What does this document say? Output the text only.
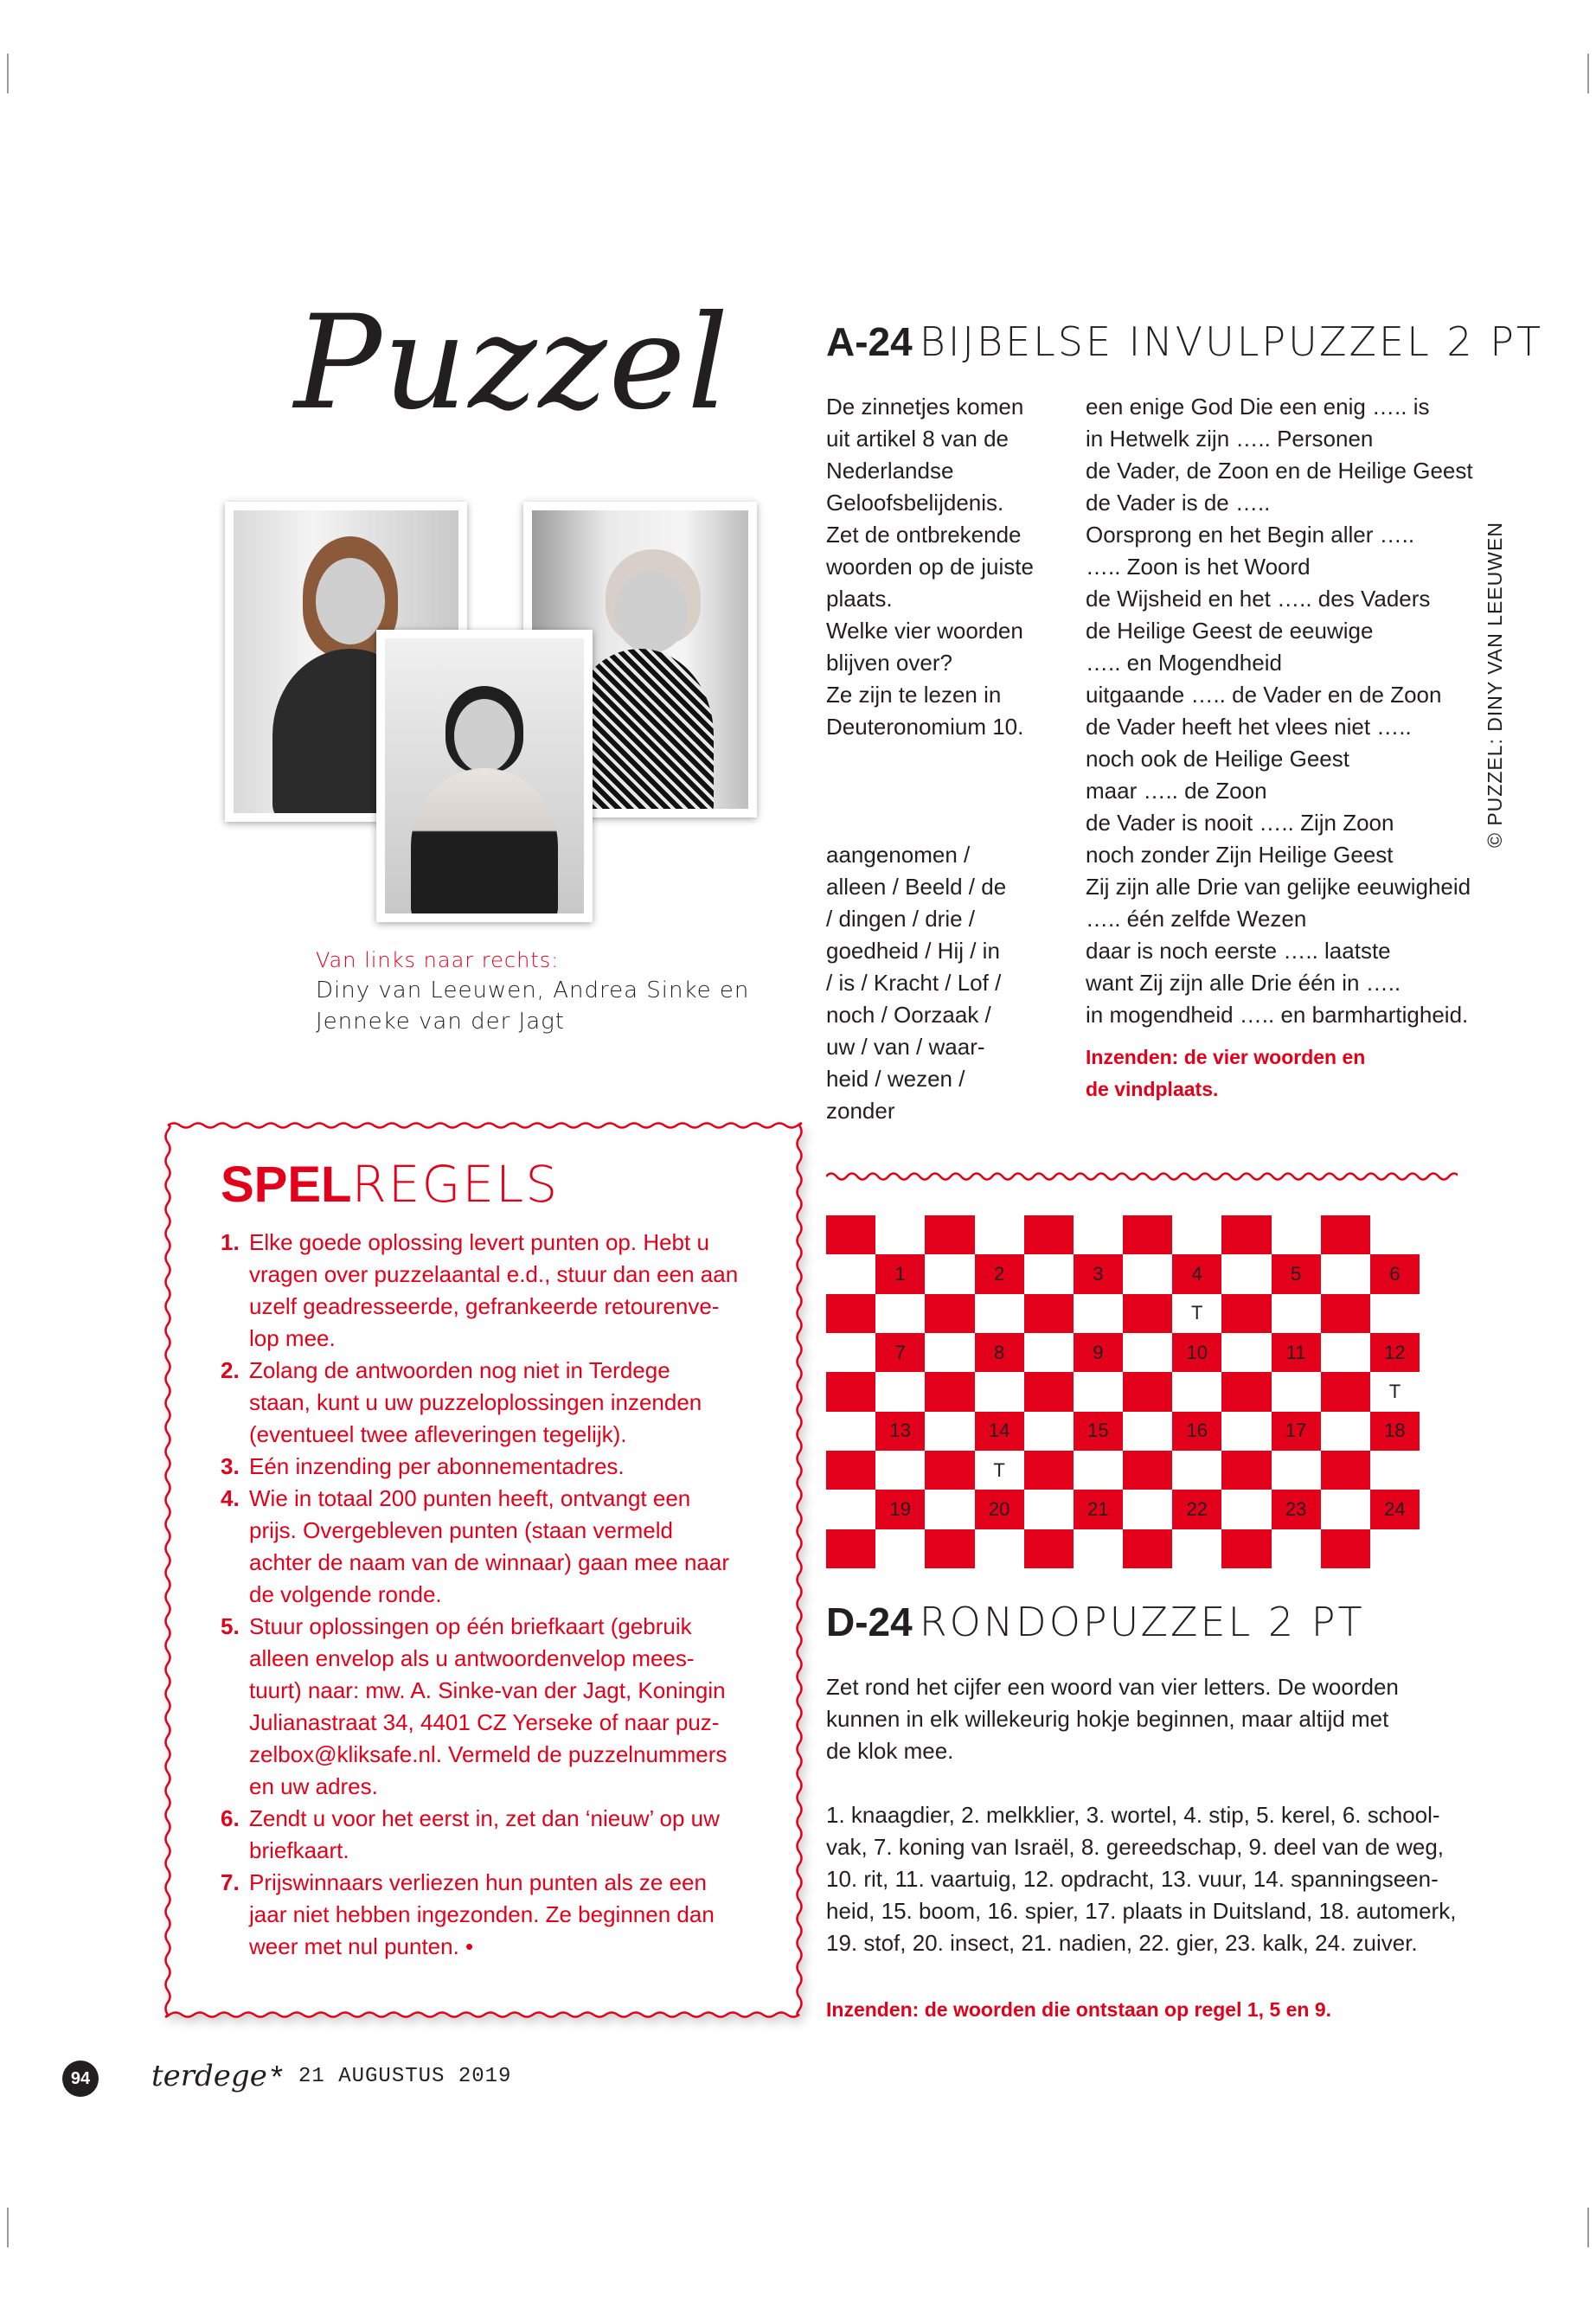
Puzzel
Van links naar rechts:
Diny van Leeuwen, Andrea Sinke en
Jenneke van der Jagt
A-24 BIJBELSE INVULPUZZEL 2 PT
De zinnetjes komen
uit artikel 8 van de
Nederlandse
Geloofsbelijdenis.
Zet de ontbrekende
woorden op de juiste
plaats.
Welke vier woorden
blijven over?
Ze zijn te lezen in
Deuteronomium 10.
aangenomen /
alleen / Beeld / de
/ dingen / drie /
goedheid / Hij / in
/ is / Kracht / Lof /
noch / Oorzaak /
uw / van / waar-
heid / wezen /
zonder
een enige God Die een enig ….. is
in Hetwelk zijn ….. Personen
de Vader, de Zoon en de Heilige Geest
de Vader is de …..
Oorsprong en het Begin aller …..
….. Zoon is het Woord
de Wijsheid en het ….. des Vaders
de Heilige Geest de eeuwige
….. en Mogendheid
uitgaande ….. de Vader en de Zoon
de Vader heeft het vlees niet …..
noch ook de Heilige Geest
maar ….. de Zoon
de Vader is nooit ….. Zijn Zoon
noch zonder Zijn Heilige Geest
Zij zijn alle Drie van gelijke eeuwigheid
….. één zelfde Wezen
daar is noch eerste ….. laatste
want Zij zijn alle Drie één in …..
in mogendheid ….. en barmhartigheid.
Inzenden: de vier woorden en
de vindplaats.
© PUZZEL: DINY VAN LEEUWEN
SPELREGELS
1. Elke goede oplossing levert punten op. Hebt u
vragen over puzzelaantal e.d., stuur dan een aan
uzelf geadresseerde, gefrankeerde retourenve-
lop mee.
2. Zolang de antwoorden nog niet in Terdege
staan, kunt u uw puzzeloplossingen inzenden
(eventueel twee afleveringen tegelijk).
3. Eén inzending per abonnementadres.
4. Wie in totaal 200 punten heeft, ontvangt een
prijs. Overgebleven punten (staan vermeld
achter de naam van de winnaar) gaan mee naar
de volgende ronde.
5. Stuur oplossingen op één briefkaart (gebruik
alleen envelop als u antwoordenvelop mees-
tuurt) naar: mw. A. Sinke-van der Jagt, Koningin
Julianastraat 34, 4401 CZ Yerseke of naar puz-
zelbox@kliksafe.nl. Vermeld de puzzelnummers
en uw adres.
6. Zendt u voor het eerst in, zet dan ‘nieuw’ op uw
briefkaart.
7. Prijswinnaars verliezen hun punten als ze een
jaar niet hebben ingezonden. Ze beginnen dan
weer met nul punten. •
1	2	3	4	5	6
T
7	8	9	10	11	12
T
13	14	15	16	17	18
T
19	20	21	22	23	24
D-24 RONDOPUZZEL 2 PT
Zet rond het cijfer een woord van vier letters. De woorden
kunnen in elk willekeurig hokje beginnen, maar altijd met
de klok mee.
1. knaagdier, 2. melkklier, 3. wortel, 4. stip, 5. kerel, 6. school-
vak, 7. koning van Israël, 8. gereedschap, 9. deel van de weg,
10. rit, 11. vaartuig, 12. opdracht, 13. vuur, 14. spanningseen-
heid, 15. boom, 16. spier, 17. plaats in Duitsland, 18. automerk,
19. stof, 20. insect, 21. nadien, 22. gier, 23. kalk, 24. zuiver.
Inzenden: de woorden die ontstaan op regel 1, 5 en 9.
94 terdege * 21 AUGUSTUS 2019
